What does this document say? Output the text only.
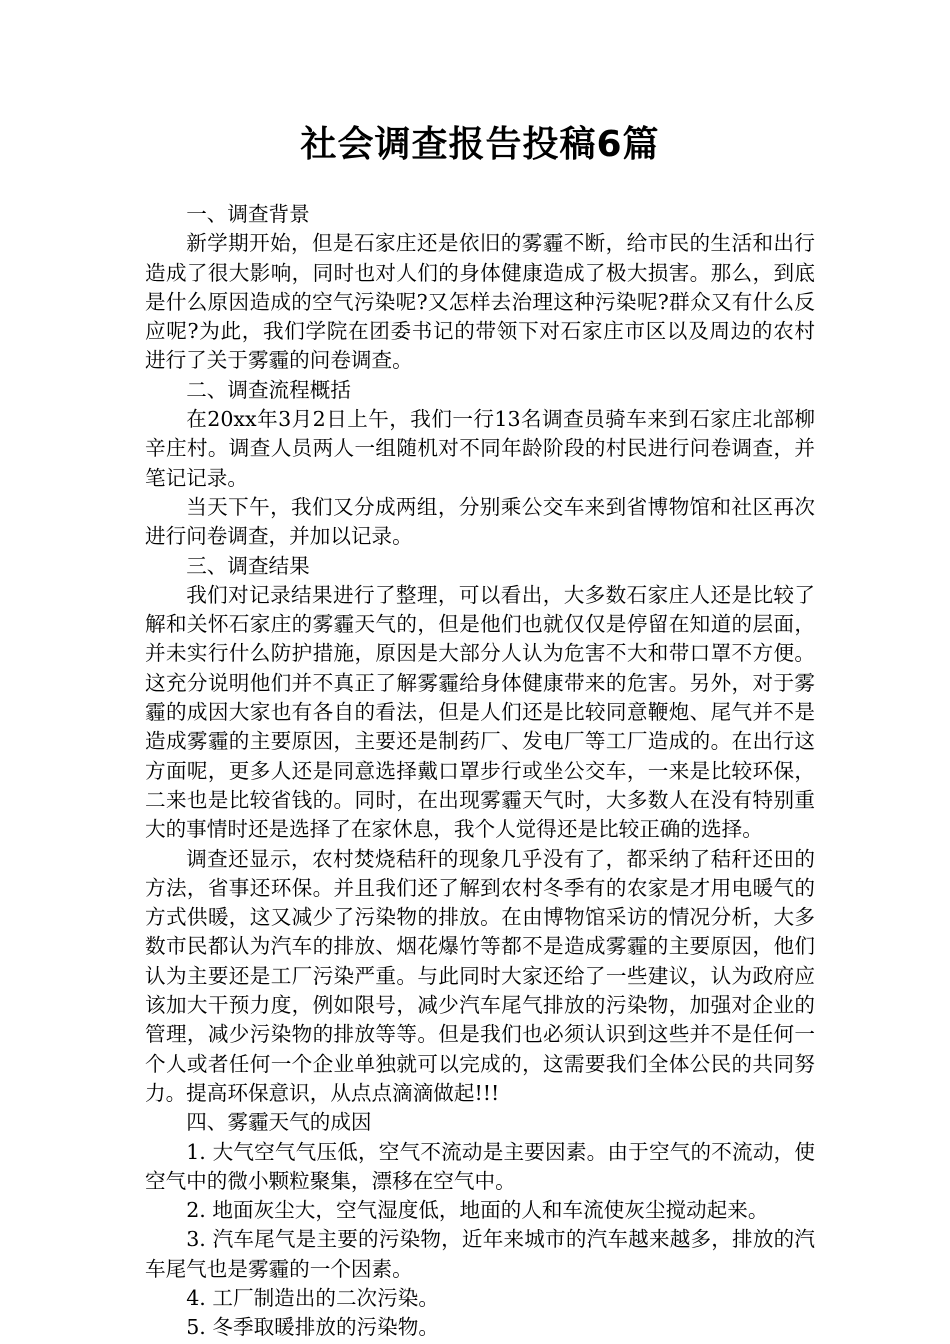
社会调查报告投稿6篇

一、调查背景

新学期开始，但是石家庄还是依旧的雾霾不断，给市民的生活和出行造成了很大影响，同时也对人们的身体健康造成了极大损害。那么，到底是什么原因造成的空气污染呢?又怎样去治理这种污染呢?群众又有什么反应呢?为此，我们学院在团委书记的带领下对石家庄市区以及周边的农村进行了关于雾霾的问卷调查。

二、调查流程概括

在20xx年3月2日上午，我们一行13名调查员骑车来到石家庄北部柳辛庄村。调查人员两人一组随机对不同年龄阶段的村民进行问卷调查，并笔记记录。

当天下午，我们又分成两组，分别乘公交车来到省博物馆和社区再次进行问卷调查，并加以记录。

三、调查结果

我们对记录结果进行了整理，可以看出，大多数石家庄人还是比较了解和关怀石家庄的雾霾天气的，但是他们也就仅仅是停留在知道的层面，并未实行什么防护措施，原因是大部分人认为危害不大和带口罩不方便。这充分说明他们并不真正了解雾霾给身体健康带来的危害。另外，对于雾霾的成因大家也有各自的看法，但是人们还是比较同意鞭炮、尾气并不是造成雾霾的主要原因，主要还是制药厂、发电厂等工厂造成的。在出行这方面呢，更多人还是同意选择戴口罩步行或坐公交车，一来是比较环保，二来也是比较省钱的。同时，在出现雾霾天气时，大多数人在没有特别重大的事情时还是选择了在家休息，我个人觉得还是比较正确的选择。

调查还显示，农村焚烧秸秆的现象几乎没有了，都采纳了秸秆还田的方法，省事还环保。并且我们还了解到农村冬季有的农家是才用电暖气的方式供暖，这又减少了污染物的排放。在由博物馆采访的情况分析，大多数市民都认为汽车的排放、烟花爆竹等都不是造成雾霾的主要原因，他们认为主要还是工厂污染严重。与此同时大家还给了一些建议，认为政府应该加大干预力度，例如限号，减少汽车尾气排放的污染物，加强对企业的管理，减少污染物的排放等等。但是我们也必须认识到这些并不是任何一个人或者任何一个企业单独就可以完成的，这需要我们全体公民的共同努力。提高环保意识，从点点滴滴做起!!!

四、雾霾天气的成因

1. 大气空气气压低，空气不流动是主要因素。由于空气的不流动，使空气中的微小颗粒聚集，漂移在空气中。

2. 地面灰尘大，空气湿度低，地面的人和车流使灰尘搅动起来。

3. 汽车尾气是主要的污染物，近年来城市的汽车越来越多，排放的汽车尾气也是雾霾的一个因素。

4. 工厂制造出的二次污染。

5. 冬季取暖排放的污染物。
